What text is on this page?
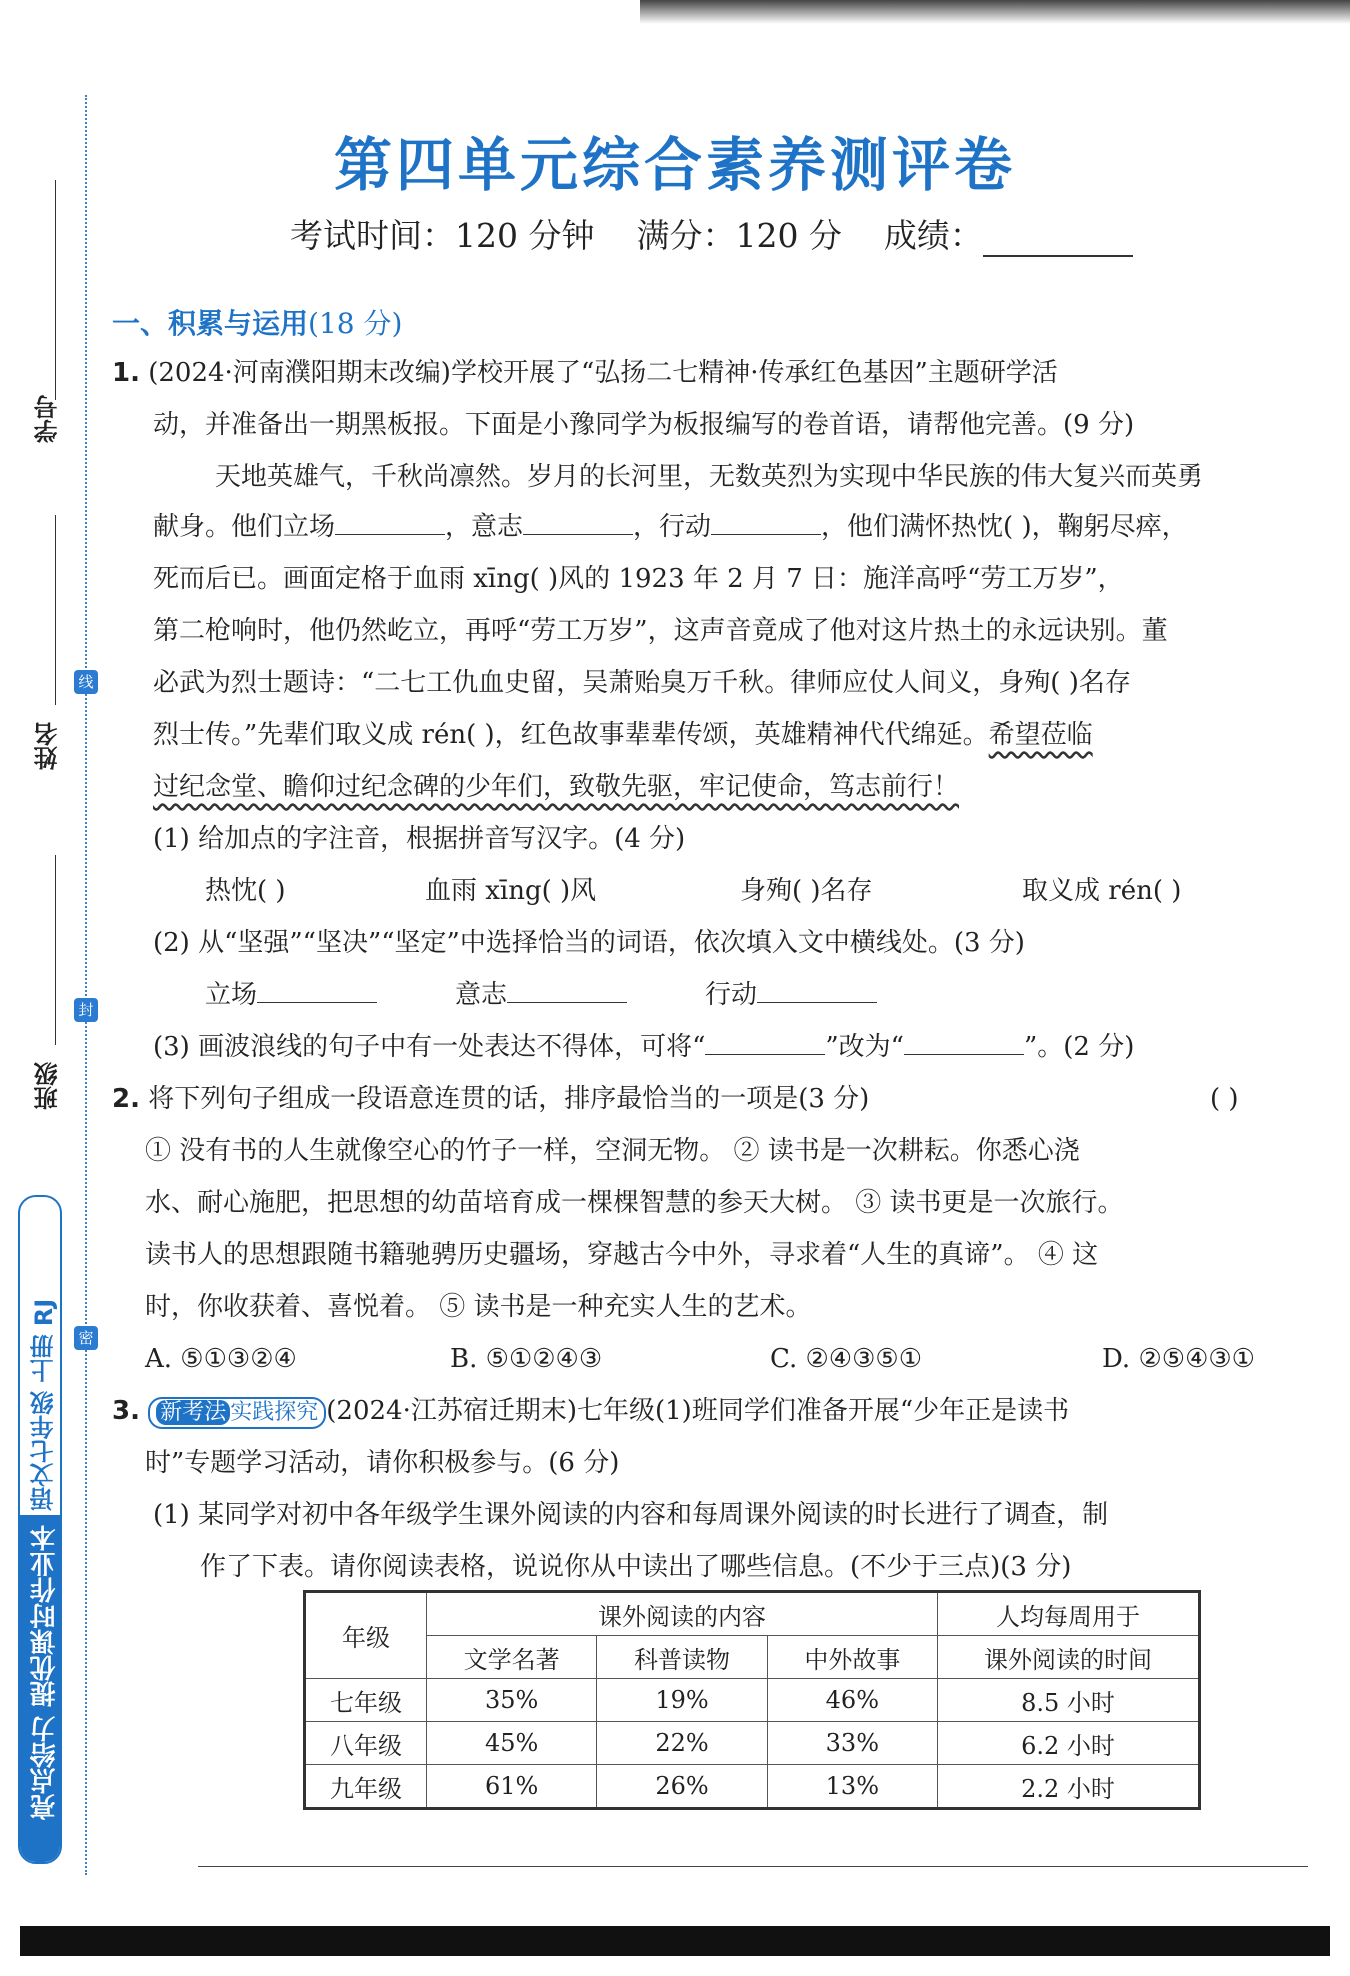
学号
姓名
班级
线
封
密
语文七年级 上册 RJ
亮点给力 提优课时作业本
第四单元综合素养测评卷
考试时间：120 分钟 满分：120 分 成绩：
一、积累与运用(18 分)
1. (2024·河南濮阳期末改编)学校开展了“弘扬二七精神·传承红色基因”主题研学活
动，并准备出一期黑板报。下面是小豫同学为板报编写的卷首语，请帮他完善。(9 分)
天地英雄气，千秋尚凛然。岁月的长河里，无数英烈为实现中华民族的伟大复兴而英勇
献身。他们立场	，意志	，行动	，他们满怀热忱( )，鞠躬尽瘁，
死而后已。画面定格于血雨 xīng( )风的 1923 年 2 月 7 日：施洋高呼“劳工万岁”，
第二枪响时，他仍然屹立，再呼“劳工万岁”，这声音竟成了他对这片热土的永远诀别。董
必武为烈士题诗：“二七工仇血史留，吴萧贻臭万千秋。律师应仗人间义，身殉( )名存
烈士传。”先辈们取义成 rén( )，红色故事辈辈传颂，英雄精神代代绵延。希望莅临
过纪念堂、瞻仰过纪念碑的少年们，致敬先驱，牢记使命，笃志前行！
(1) 给加点的字注音，根据拼音写汉字。(4 分)
热忱( )	血雨 xīng( )风	身殉( )名存	取义成 rén( )
(2) 从“坚强”“坚决”“坚定”中选择恰当的词语，依次填入文中横线处。(3 分)
立场	意志	行动
(3) 画波浪线的句子中有一处表达不得体，可将“	”改为“	”。(2 分)
2. 将下列句子组成一段语意连贯的话，排序最恰当的一项是(3 分)	( )
① 没有书的人生就像空心的竹子一样，空洞无物。 ② 读书是一次耕耘。你悉心浇
水、耐心施肥，把思想的幼苗培育成一棵棵智慧的参天大树。 ③ 读书更是一次旅行。
读书人的思想跟随书籍驰骋历史疆场，穿越古今中外，寻求着“人生的真谛”。 ④ 这
时，你收获着、喜悦着。 ⑤ 读书是一种充实人生的艺术。
A. ⑤①③②④	B. ⑤①②④③	C. ②④③⑤①	D. ②⑤④③①
3. 新考法 实践探究 (2024·江苏宿迁期末)七年级(1)班同学们准备开展“少年正是读书
时”专题学习活动，请你积极参与。(6 分)
(1) 某同学对初中各年级学生课外阅读的内容和每周课外阅读的时长进行了调查，制
作了下表。请你阅读表格，说说你从中读出了哪些信息。(不少于三点)(3 分)
年级	课外阅读的内容			人均每周用于
	文学名著	科普读物	中外故事	课外阅读的时间
七年级	35%	19%	46%	8.5 小时
八年级	45%	22%	33%	6.2 小时
九年级	61%	26%	13%	2.2 小时
